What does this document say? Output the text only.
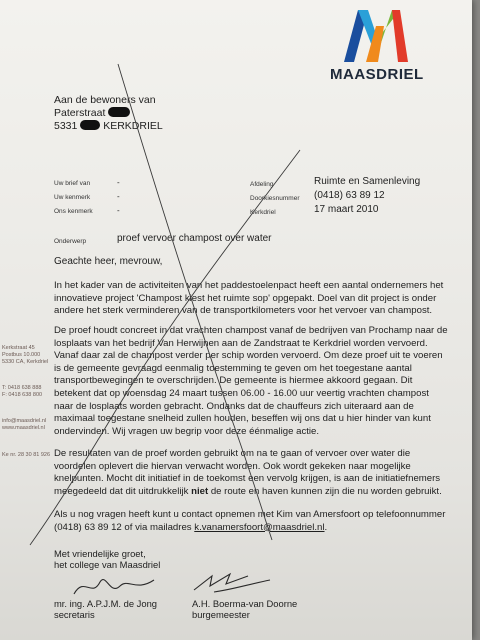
MAASDRIEL
Aan de bewoners van
Paterstraat
5331 KERKDRIEL
Uw brief van	-
Uw kenmerk	-
Ons kenmerk	-
Afdeling	Ruimte en Samenleving
Doorkiesnummer (0418) 63 89 12
Kerkdriel	17 maart 2010
Onderwerp	proef vervoer champost over water
Geachte heer, mevrouw,
In het kader van de activiteiten van het paddestoelenpact heeft een aantal ondernemers het
innovatieve project 'Champost kiest het ruimte sop' opgepakt. Doel van dit project is onder
andere het sterk verminderen van de transportkilometers voor het vervoer van champost.
De proef houdt concreet in dat vrachten champost vanaf de bedrijven van Prochamp naar de
losplaats van het bedrijf Van Herwijnen aan de Zandstraat te Kerkdriel worden vervoerd.
Vanaf daar zal de champost verder per schip worden vervoerd. Om deze proef uit te voeren
is de gemeente gevraagd eenmalig toestemming te geven om het toegestane aantal
transportbewegingen te overschrijden. De gemeente is hiermee akkoord gegaan. Dit
betekent dat op woensdag 24 maart tussen 06.00 - 16.00 uur veertig vrachten champost
naar de losplaats worden gebracht. Ondanks dat de chauffeurs zich uiteraard aan de
maximaal toegestane snelheid zullen houden, beseffen wij ons dat u hier hinder van kunt
ondervinden. Wij vragen uw begrip voor deze éénmalige actie.
De resultaten van de proef worden gebruikt om na te gaan of vervoer over water die
voordelen oplevert die hiervan verwacht worden. Ook wordt gekeken naar mogelijke
knelpunten. Mocht dit initiatief in de toekomst een vervolg krijgen, is aan de initiatiefnemers
meegedeeld dat dit uitdrukkelijk niet de route en haven kunnen zijn die nu worden gebruikt.
Als u nog vragen heeft kunt u contact opnemen met Kim van Amersfoort op telefoonnummer
(0418) 63 89 12 of via mailadres k.vanamersfoort@maasdriel.nl.
Met vriendelijke groet,
het college van Maasdriel
mr. ing. A.P.J.M. de Jong
secretaris
A.H. Boerma-van Doorne
burgemeester
Kerkstraat 45
Postbus 10.000
5330 CA, Kerkdriel
T: 0418 638 888
F: 0418 638 800
info@maasdriel.nl
www.maasdriel.nl
Ke nr. 28 30 81 926
